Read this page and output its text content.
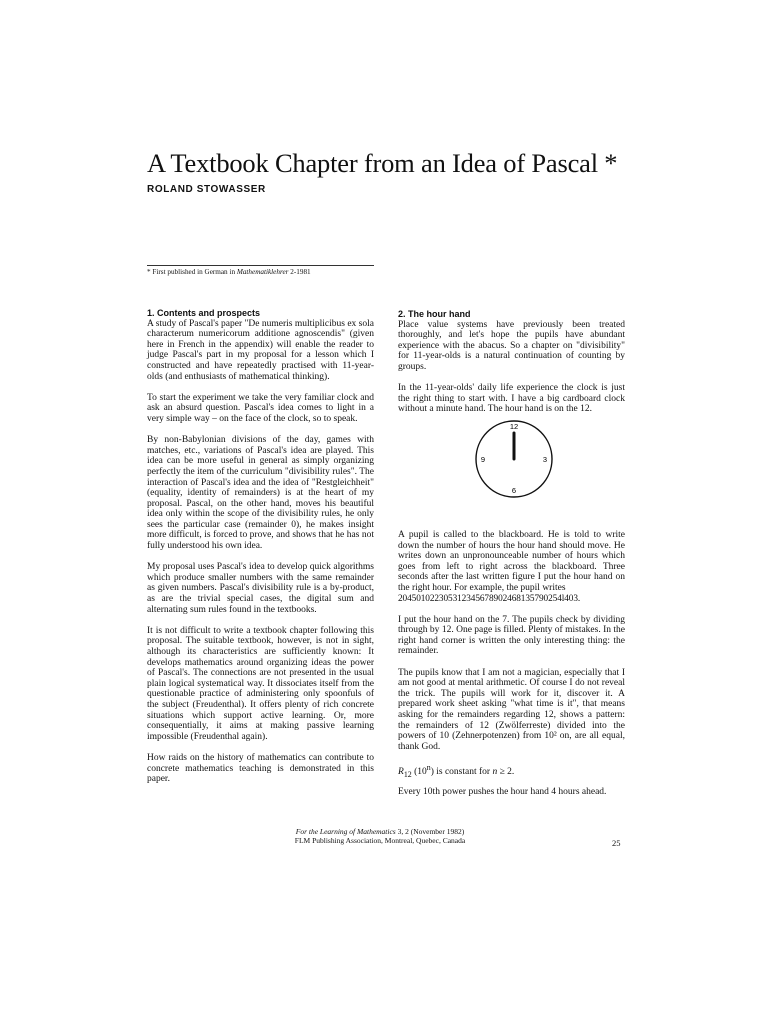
A Textbook Chapter from an Idea of Pascal *
ROLAND STOWASSER
* First published in German in Mathematiklehrer 2-1981
1. Contents and prospects

A study of Pascal's paper "De numeris multiplicibus ex sola characterum numericorum additione agnoscendis" (given here in French in the appendix) will enable the reader to judge Pascal's part in my proposal for a lesson which I constructed and have repeatedly practised with 11-year-olds (and enthusiasts of mathematical thinking).

To start the experiment we take the very familiar clock and ask an absurd question. Pascal's idea comes to light in a very simple way – on the face of the clock, so to speak.

By non-Babylonian divisions of the day, games with matches, etc., variations of Pascal's idea are played. This idea can be more useful in general as simply organizing perfectly the item of the curriculum "divisibility rules". The interaction of Pascal's idea and the idea of "Restgleichheit" (equality, identity of remainders) is at the heart of my proposal. Pascal, on the other hand, moves his beautiful idea only within the scope of the divisibility rules, he only sees the particular case (remainder 0), he makes insight more difficult, is forced to prove, and shows that he has not fully understood his own idea.

My proposal uses Pascal's idea to develop quick algorithms which produce smaller numbers with the same remainder as given numbers. Pascal's divisibility rule is a by-product, as are the trivial special cases, the digital sum and alternating sum rules found in the textbooks.

It is not difficult to write a textbook chapter following this proposal. The suitable textbook, however, is not in sight, although its characteristics are sufficiently known: It develops mathematics around organizing ideas the power of Pascal's. The connections are not presented in the usual plain logical systematical way. It dissociates itself from the questionable practice of administering only spoonfuls of the subject (Freudenthal). It offers plenty of rich concrete situations which support active learning. Or, more consequentially, it aims at making passive learning impossible (Freudenthal again).

How raids on the history of mathematics can contribute to concrete mathematics teaching is demonstrated in this paper.

2. The hour hand

Place value systems have previously been treated thoroughly, and let's hope the pupils have abundant experience with the abacus. So a chapter on "divisibility" for 11-year-olds is a natural continuation of counting by groups.

In the 11-year-olds' daily life experience the clock is just the right thing to start with. I have a big cardboard clock without a minute hand. The hour hand is on the 12.

12
3
6
9

A pupil is called to the blackboard. He is told to write down the number of hours the hour hand should move. He writes down an unpronounceable number of hours which goes from left to right across the blackboard. Three seconds after the last written figure I put the hour hand on the right hour. For example, the pupil writes

204501022305312345678902468135790254l403.

I put the hour hand on the 7. The pupils check by dividing through by 12. One page is filled. Plenty of mistakes. In the right hand corner is written the only interesting thing: the remainder.

The pupils know that I am not a magician, especially that I am not good at mental arithmetic. Of course I do not reveal the trick. The pupils will work for it, discover it. A prepared work sheet asking "what time is it", that means asking for the remainders regarding 12, shows a pattern: the remainders of 12 (Zwölferreste) divided into the powers of 10 (Zehnerpotenzen) from 10² on, are all equal, thank God.

$R_{12}$ (10$^n$) is constant for n ≥ 2.

Every 10th power pushes the hour hand 4 hours ahead.

For the Learning of Mathematics 3, 2 (November 1982)
FLM Publishing Association, Montreal, Quebec, Canada	25
